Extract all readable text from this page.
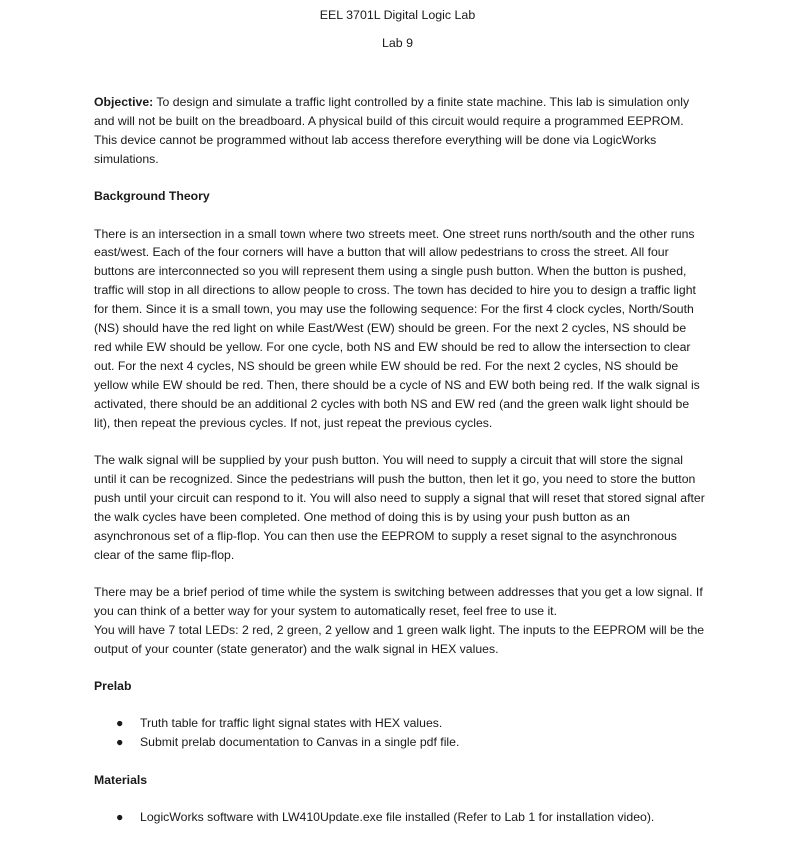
EEL 3701L Digital Logic Lab
Lab 9

Objective: To design and simulate a traffic light controlled by a finite state machine. This lab is simulation only and will not be built on the breadboard. A physical build of this circuit would require a programmed EEPROM. This device cannot be programmed without lab access therefore everything will be done via LogicWorks simulations.

Background Theory

There is an intersection in a small town where two streets meet. One street runs north/south and the other runs east/west. Each of the four corners will have a button that will allow pedestrians to cross the street. All four buttons are interconnected so you will represent them using a single push button. When the button is pushed, traffic will stop in all directions to allow people to cross. The town has decided to hire you to design a traffic light for them. Since it is a small town, you may use the following sequence: For the first 4 clock cycles, North/South (NS) should have the red light on while East/West (EW) should be green. For the next 2 cycles, NS should be red while EW should be yellow. For one cycle, both NS and EW should be red to allow the intersection to clear out. For the next 4 cycles, NS should be green while EW should be red. For the next 2 cycles, NS should be yellow while EW should be red. Then, there should be a cycle of NS and EW both being red. If the walk signal is activated, there should be an additional 2 cycles with both NS and EW red (and the green walk light should be lit), then repeat the previous cycles. If not, just repeat the previous cycles.

The walk signal will be supplied by your push button. You will need to supply a circuit that will store the signal until it can be recognized. Since the pedestrians will push the button, then let it go, you need to store the button push until your circuit can respond to it. You will also need to supply a signal that will reset that stored signal after the walk cycles have been completed. One method of doing this is by using your push button as an asynchronous set of a flip-flop. You can then use the EEPROM to supply a reset signal to the asynchronous clear of the same flip-flop.

There may be a brief period of time while the system is switching between addresses that you get a low signal. If you can think of a better way for your system to automatically reset, feel free to use it.

You will have 7 total LEDs: 2 red, 2 green, 2 yellow and 1 green walk light. The inputs to the EEPROM will be the output of your counter (state generator) and the walk signal in HEX values.

Prelab

● Truth table for traffic light signal states with HEX values.
● Submit prelab documentation to Canvas in a single pdf file.

Materials

● LogicWorks software with LW410Update.exe file installed (Refer to Lab 1 for installation video).
